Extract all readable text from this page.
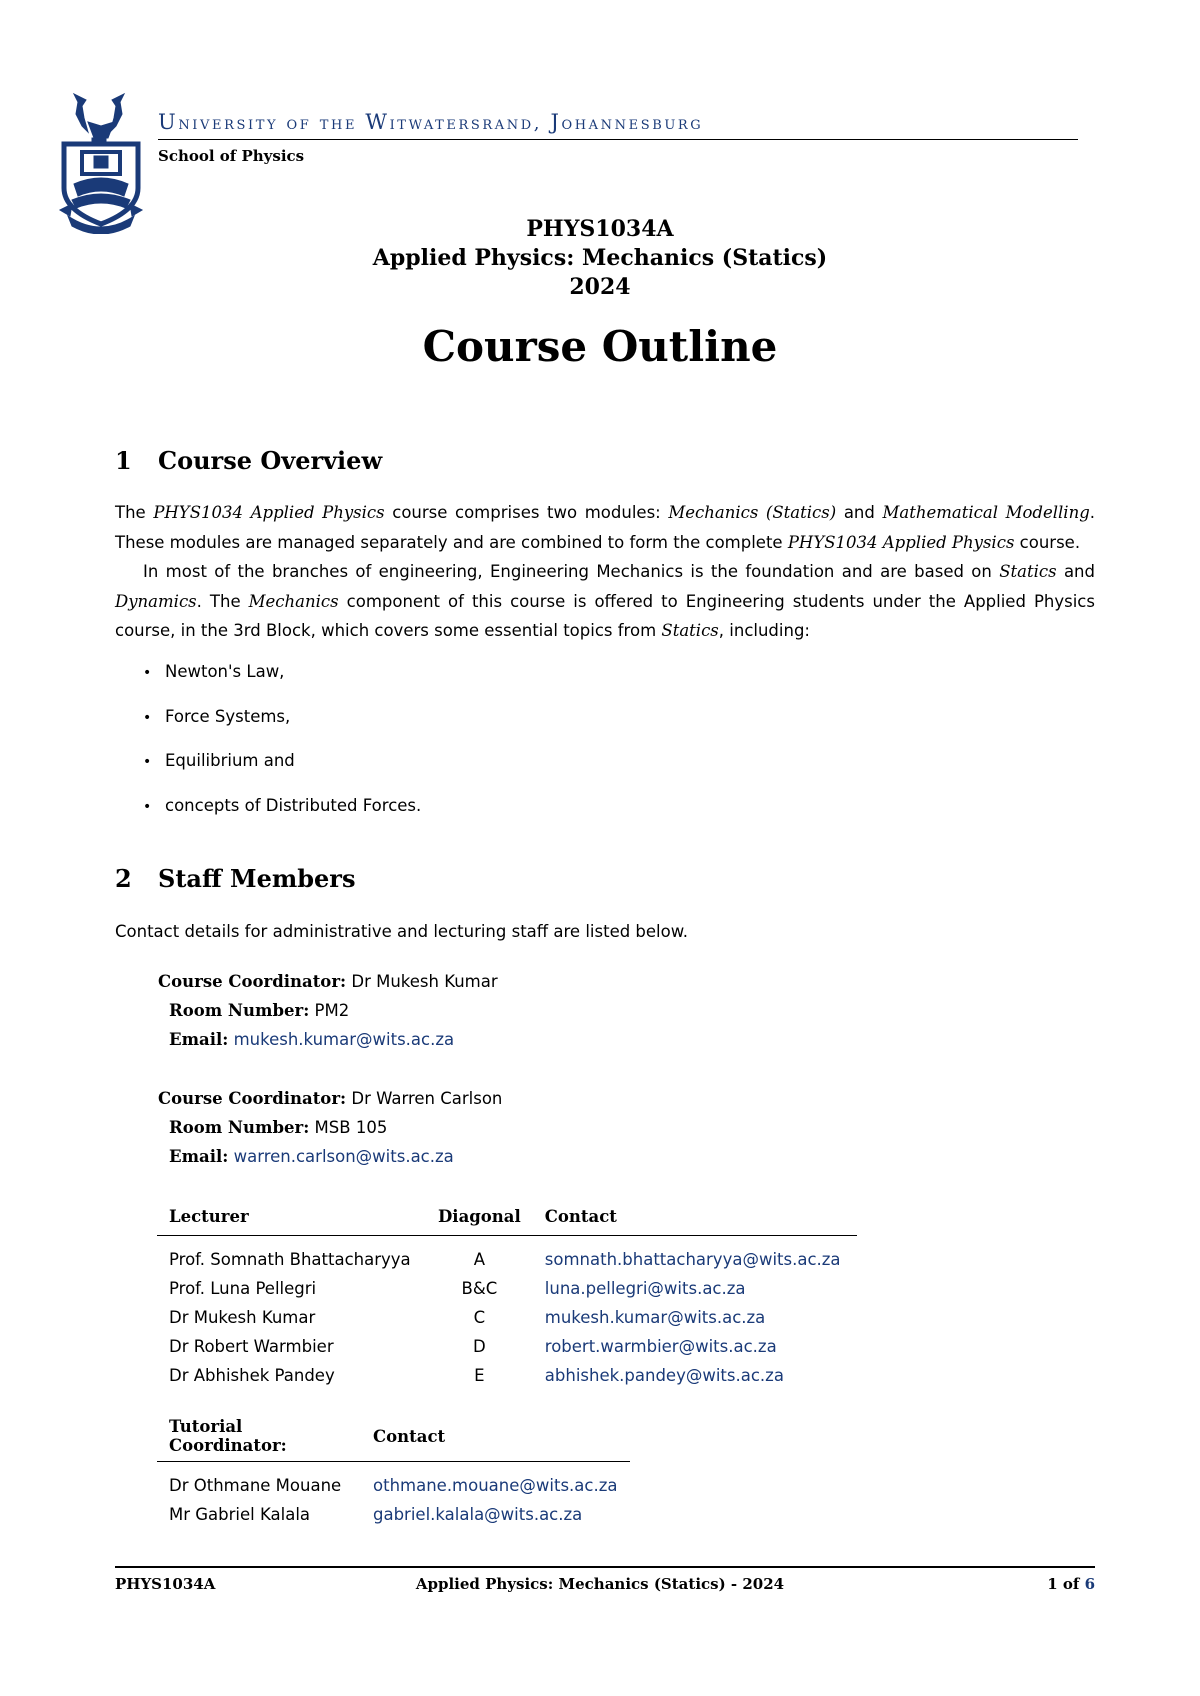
University of the Witwatersrand, Johannesburg
School of Physics
PHYS1034A
Applied Physics: Mechanics (Statics)
2024
Course Outline
1 Course Overview
The PHYS1034 Applied Physics course comprises two modules: Mechanics (Statics) and Mathematical Modelling. These modules are managed separately and are combined to form the complete PHYS1034 Applied Physics course.
In most of the branches of engineering, Engineering Mechanics is the foundation and are based on Statics and Dynamics. The Mechanics component of this course is offered to Engineering students under the Applied Physics course, in the 3rd Block, which covers some essential topics from Statics, including:
• Newton's Law,
• Force Systems,
• Equilibrium and
• concepts of Distributed Forces.
2 Staff Members
Contact details for administrative and lecturing staff are listed below.
Course Coordinator: Dr Mukesh Kumar
Room Number: PM2
Email: mukesh.kumar@wits.ac.za
Course Coordinator: Dr Warren Carlson
Room Number: MSB 105
Email: warren.carlson@wits.ac.za
Lecturer	Diagonal	Contact
Prof. Somnath Bhattacharyya	A	somnath.bhattacharyya@wits.ac.za
Prof. Luna Pellegri	B&C	luna.pellegri@wits.ac.za
Dr Mukesh Kumar	C	mukesh.kumar@wits.ac.za
Dr Robert Warmbier	D	robert.warmbier@wits.ac.za
Dr Abhishek Pandey	E	abhishek.pandey@wits.ac.za
Tutorial Coordinator:	Contact
Dr Othmane Mouane	othmane.mouane@wits.ac.za
Mr Gabriel Kalala	gabriel.kalala@wits.ac.za
PHYS1034A	Applied Physics: Mechanics (Statics) - 2024	1 of 6
